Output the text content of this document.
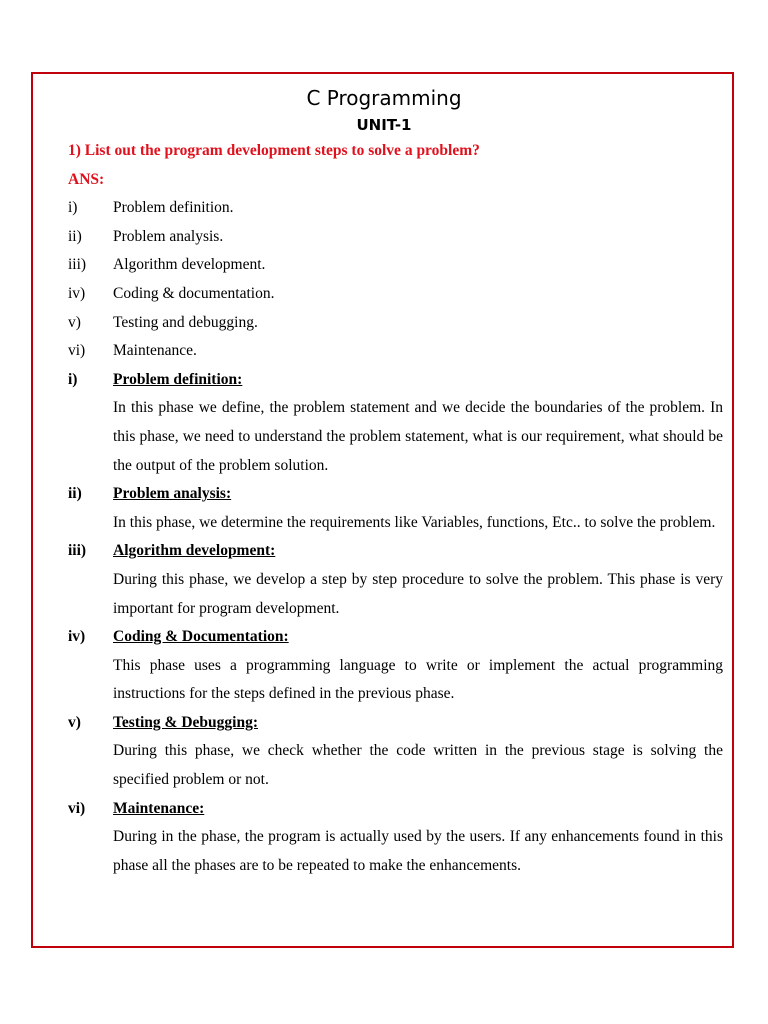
C Programming
UNIT-1
1) List out the program development steps to solve a problem?
ANS:
i)	Problem definition.
ii)	Problem analysis.
iii)	Algorithm development.
iv)	Coding & documentation.
v)	Testing and debugging.
vi)	Maintenance.
i)	Problem definition:
In this phase we define, the problem statement and we decide the boundaries of the problem. In this phase, we need to understand the problem statement, what is our requirement, what should be the output of the problem solution.
ii)	Problem analysis:
In this phase, we determine the requirements like Variables, functions, Etc.. to solve the problem.
iii)	Algorithm development:
During this phase, we develop a step by step procedure to solve the problem. This phase is very important for program development.
iv)	Coding & Documentation:
This phase uses a programming language to write or implement the actual programming instructions for the steps defined in the previous phase.
v)	Testing & Debugging:
During this phase, we check whether the code written in the previous stage is solving the specified problem or not.
vi)	Maintenance:
During in the phase, the program is actually used by the users. If any enhancements found in this phase all the phases are to be repeated to make the enhancements.
